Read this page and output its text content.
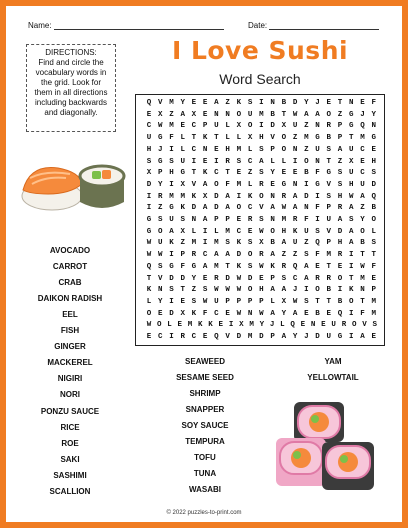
Name:	Date:
DIRECTIONS:
Find and circle the vocabulary words in the grid. Look for them in all directions including backwards and diagonally.
I Love Sushi
Word Search
Q V M Y E E A Z K S I N B D Y J E T N E F
E X Z A X E N N O U M B T W A A O Z G J Y
C W M E C P U L X O I D X U Z N R P G Q N
U G F L T K T L L X H V O Z M G B P T M G
H J I L C N E H M L S P O N Z U S A U C E
S G S U I E I R S C A L L I O N T Z X E H
X P H G T K C T E Z S Y E E B F G S U C S
D Y I X V A O F M L R E G N I G V S H U D
I R M M K X D A I K O N R A D I S H W A Q
I Z G K D A D A O C V A W A N F P R A Z B
G S U S N A P P E R S N M R F I U A S Y O
G O A X L I L M C E W O H K U S V D A O L
W U K Z M I M S K S X B A U Z Q P H A B S
W W I P R C A A D O R A Z Z S F M R I T T
Q S G F G A M T K S W K R Q A E T E I W F
T V D D Y E R D W D E P S C A R R O T M E
K N S T Z S W W W O H A A J I O B I K N P
L Y I E S W U P P P P L X W S T T B O T M
O E D X K F C E W N W A Y A E B E Q I F M
W O L E M K K E I X M Y J L Q E N E U R O V S
E C I R C E Q V D M D P A Y J D U G I A E
AVOCADO
CARROT
CRAB
DAIKON RADISH
EEL
FISH
GINGER
MACKEREL
NIGIRI
NORI
PONZU SAUCE
RICE
ROE
SAKI
SASHIMI
SCALLION
SEAWEED
SESAME SEED
SHRIMP
SNAPPER
SOY SAUCE
TEMPURA
TOFU
TUNA
WASABI
YAM
YELLOWTAIL
© 2022 puzzles-to-print.com
